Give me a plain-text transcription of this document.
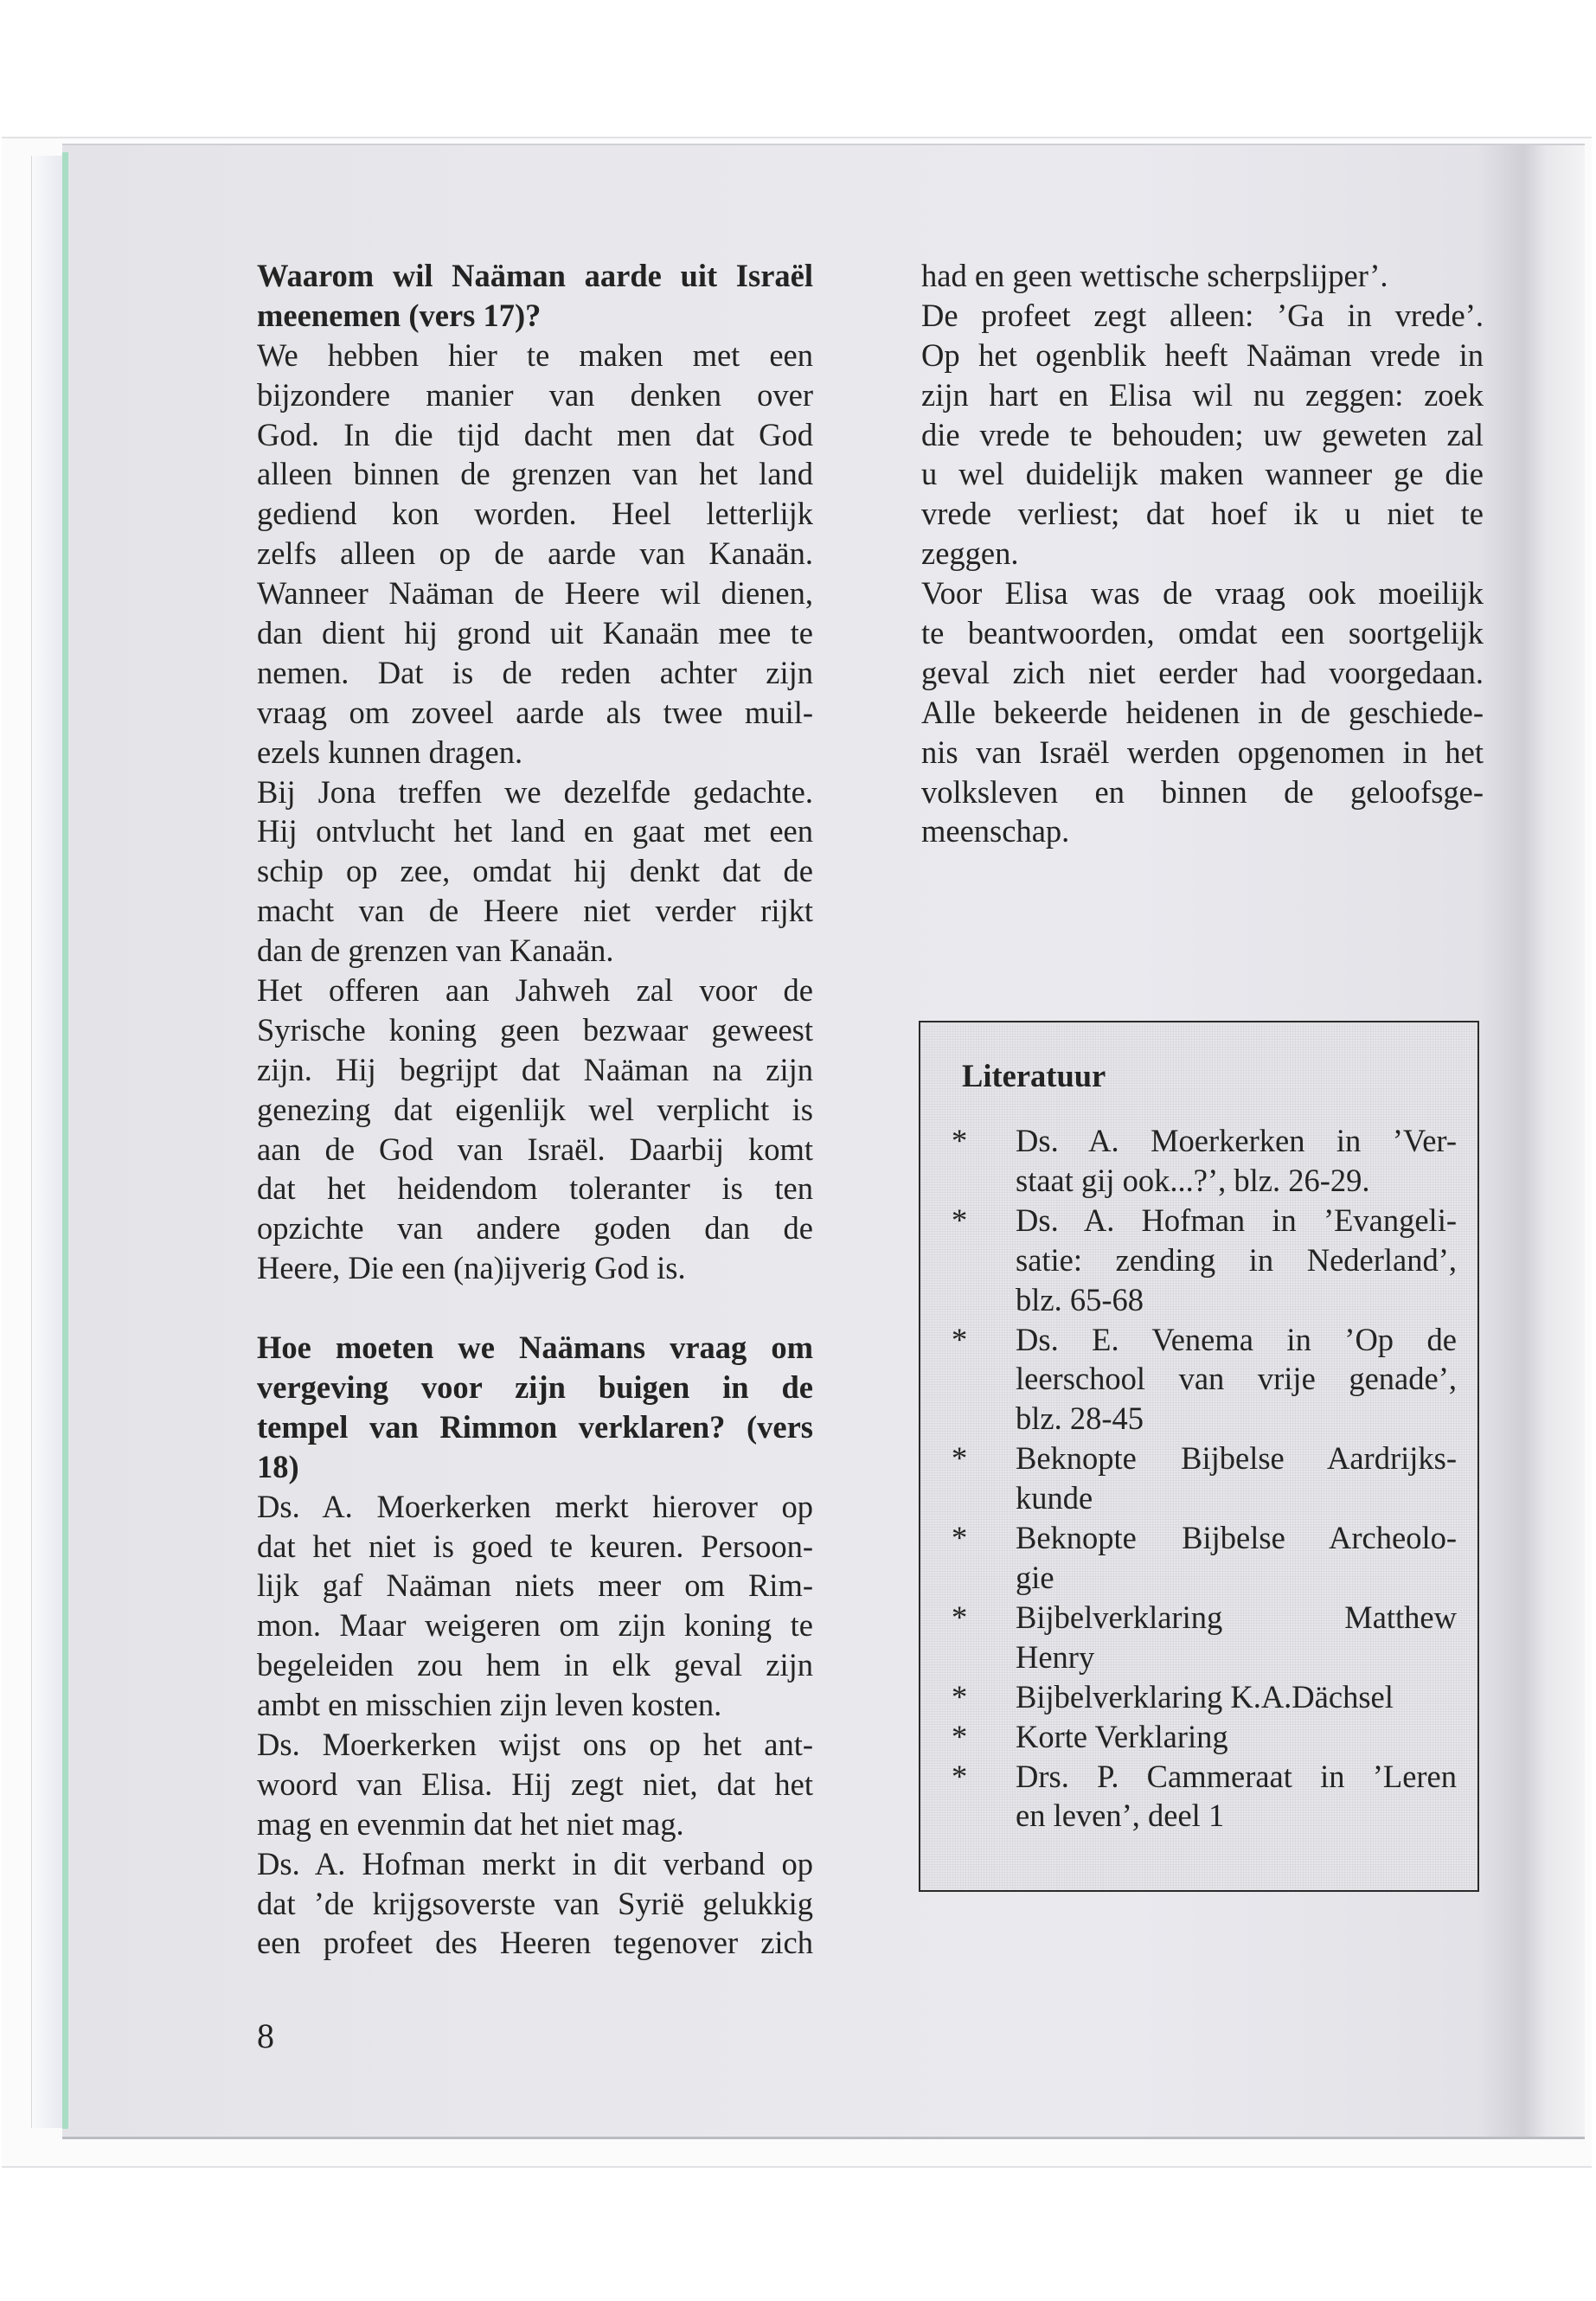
Waarom wil Naäman aarde uit Israël
meenemen (vers 17)?
We hebben hier te maken met een
bijzondere manier van denken over
God. In die tijd dacht men dat God
alleen binnen de grenzen van het land
gediend kon worden. Heel letterlijk
zelfs alleen op de aarde van Kanaän.
Wanneer Naäman de Heere wil dienen,
dan dient hij grond uit Kanaän mee te
nemen. Dat is de reden achter zijn
vraag om zoveel aarde als twee muil-
ezels kunnen dragen.
Bij Jona treffen we dezelfde gedachte.
Hij ontvlucht het land en gaat met een
schip op zee, omdat hij denkt dat de
macht van de Heere niet verder rijkt
dan de grenzen van Kanaän.
Het offeren aan Jahweh zal voor de
Syrische koning geen bezwaar geweest
zijn. Hij begrijpt dat Naäman na zijn
genezing dat eigenlijk wel verplicht is
aan de God van Israël. Daarbij komt
dat het heidendom toleranter is ten
opzichte van andere goden dan de
Heere, Die een (na)ijverig God is.
Hoe moeten we Naämans vraag om
vergeving voor zijn buigen in de
tempel van Rimmon verklaren? (vers
18)
Ds. A. Moerkerken merkt hierover op
dat het niet is goed te keuren. Persoon-
lijk gaf Naäman niets meer om Rim-
mon. Maar weigeren om zijn koning te
begeleiden zou hem in elk geval zijn
ambt en misschien zijn leven kosten.
Ds. Moerkerken wijst ons op het ant-
woord van Elisa. Hij zegt niet, dat het
mag en evenmin dat het niet mag.
Ds. A. Hofman merkt in dit verband op
dat ’de krijgsoverste van Syrië gelukkig
een profeet des Heeren tegenover zich
had en geen wettische scherpslijper’.
De profeet zegt alleen: ’Ga in vrede’.
Op het ogenblik heeft Naäman vrede in
zijn hart en Elisa wil nu zeggen: zoek
die vrede te behouden; uw geweten zal
u wel duidelijk maken wanneer ge die
vrede verliest; dat hoef ik u niet te
zeggen.
Voor Elisa was de vraag ook moeilijk
te beantwoorden, omdat een soortgelijk
geval zich niet eerder had voorgedaan.
Alle bekeerde heidenen in de geschiede-
nis van Israël werden opgenomen in het
volksleven en binnen de geloofsge-
meenschap.
Literatuur
* Ds. A. Moerkerken in ’Ver-
staat gij ook...?’, blz. 26-29.
* Ds. A. Hofman in ’Evangeli-
satie: zending in Nederland’,
blz. 65-68
* Ds. E. Venema in ’Op de
leerschool van vrije genade’,
blz. 28-45
* Beknopte Bijbelse Aardrijks-
kunde
* Beknopte Bijbelse Archeolo-
gie
* Bijbelverklaring Matthew
Henry
* Bijbelverklaring K.A.Dächsel
* Korte Verklaring
* Drs. P. Cammeraat in ’Leren
en leven’, deel 1
8
